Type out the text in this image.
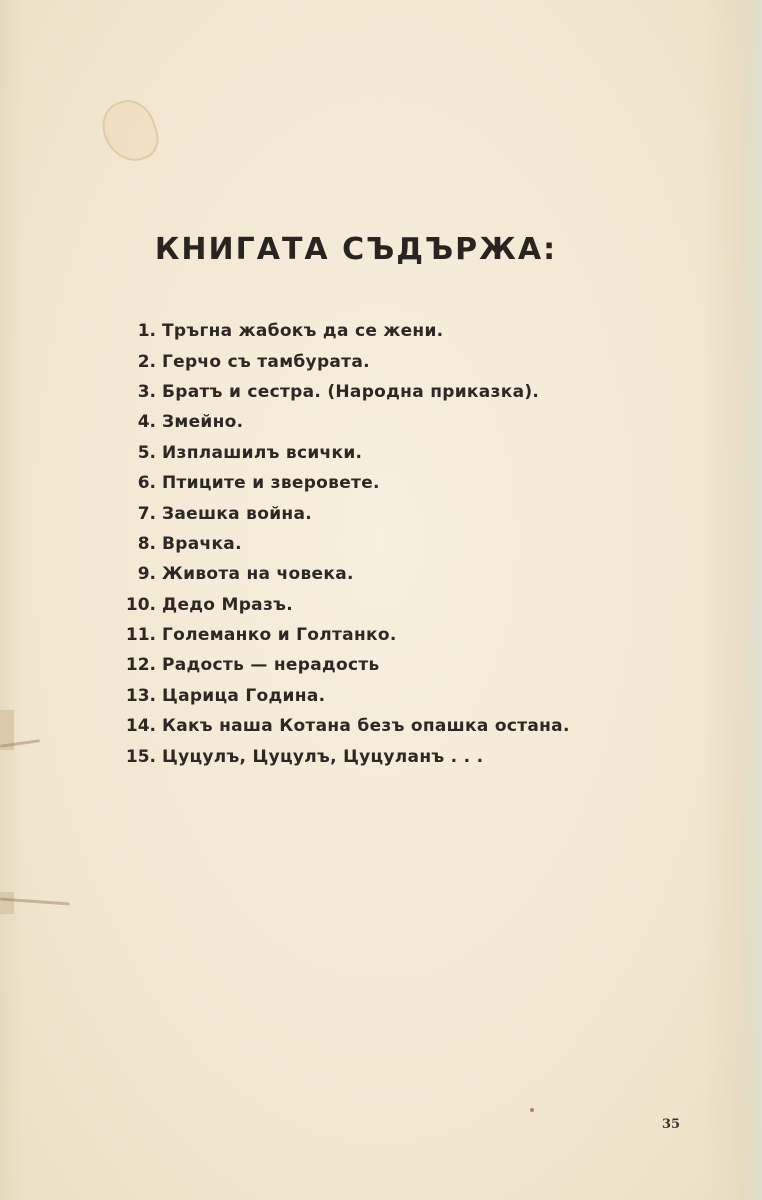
КНИГАТА СЪДЪРЖА:
1. Тръгна жабокъ да се жени.
2. Герчо съ тамбурата.
3. Братъ и сестра. (Народна приказка).
4. Змейно.
5. Изплашилъ всички.
6. Птиците и зверовете.
7. Заешка война.
8. Врачка.
9. Живота на човека.
10. Дедо Мразъ.
11. Големанко и Голтанко.
12. Радость — нерадость
13. Царица Година.
14. Какъ наша Котана безъ опашка остана.
15. Цуцулъ, Цуцулъ, Цуцуланъ . . .
35
